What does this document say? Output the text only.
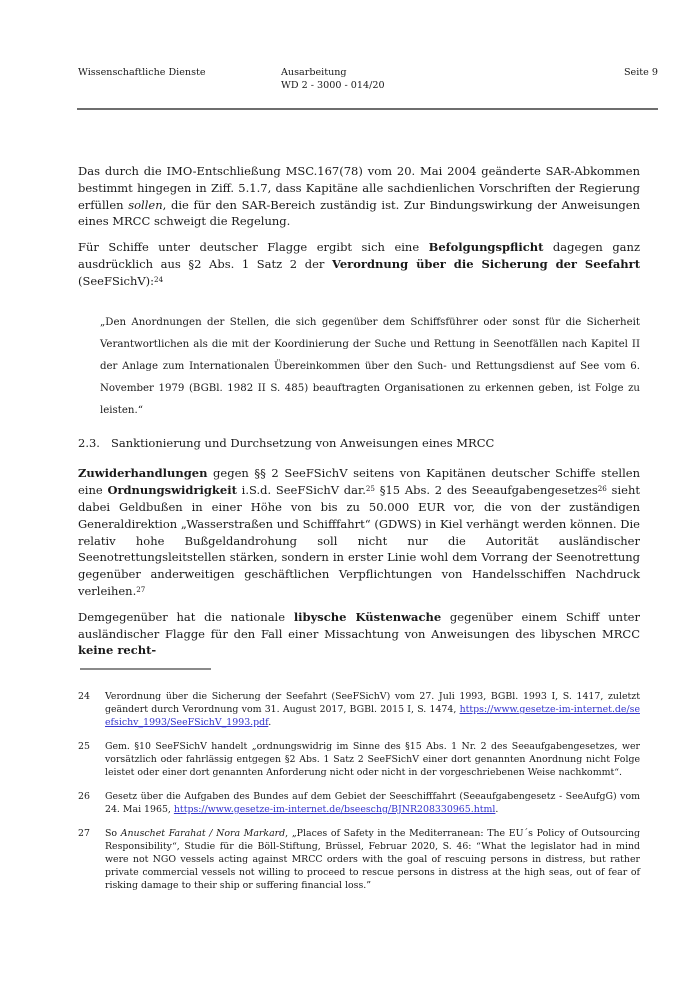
Wissenschaftliche Dienste	Ausarbeitung
WD 2 - 3000 - 014/20
Seite 9

Das durch die IMO-Entschließung MSC.167(78) vom 20. Mai 2004 geänderte SAR-Abkommen bestimmt hingegen in Ziff. 5.1.7, dass Kapitäne alle sachdienlichen Vorschriften der Regierung erfüllen sollen, die für den SAR-Bereich zuständig ist. Zur Bindungswirkung der Anweisungen eines MRCC schweigt die Regelung.

Für Schiffe unter deutscher Flagge ergibt sich eine Befolgungspflicht dagegen ganz ausdrücklich aus §2 Abs. 1 Satz 2 der Verordnung über die Sicherung der Seefahrt (SeeFSichV):$^{24}$

„Den Anordnungen der Stellen, die sich gegenüber dem Schiffsführer oder sonst für die Sicherheit Verantwortlichen als die mit der Koordinierung der Suche und Rettung in Seenotfällen nach Kapitel II der Anlage zum Internationalen Übereinkommen über den Such- und Rettungsdienst auf See vom 6. November 1979 (BGBl. 1982 II S. 485) beauftragten Organisationen zu erkennen geben, ist Folge zu leisten.“
2.3. Sanktionierung und Durchsetzung von Anweisungen eines MRCC

Zuwiderhandlungen gegen §§ 2 SeeFSichV seitens von Kapitänen deutscher Schiffe stellen eine Ordnungswidrigkeit i.S.d. SeeFSichV dar.$^{25}$ §15 Abs. 2 des Seeaufgabengesetzes$^{26}$ sieht dabei Geldbußen in einer Höhe von bis zu 50.000 EUR vor, die von der zuständigen Generaldirektion „Wasserstraßen und Schifffahrt“ (GDWS) in Kiel verhängt werden können. Die relativ hohe Bußgeldandrohung soll nicht nur die Autorität ausländischer Seenotrettungsleitstellen stärken, sondern in erster Linie wohl dem Vorrang der Seenotrettung gegenüber anderweitigen geschäftlichen Verpflichtungen von Handelsschiffen Nachdruck verleihen.$^{27}$

Demgegenüber hat die nationale libysche Küstenwache gegenüber einem Schiff unter ausländischer Flagge für den Fall einer Missachtung von Anweisungen des libyschen MRCC keine recht-

24	Verordnung über die Sicherung der Seefahrt (SeeFSichV) vom 27. Juli 1993, BGBl. 1993 I, S. 1417, zuletzt geändert durch Verordnung vom 31. August 2017, BGBl. 2015 I, S. 1474, https://www.gesetze-im-internet.de/seefsichv_1993/SeeFSichV_1993.pdf.
25	Gem. §10 SeeFSichV handelt „ordnungswidrig im Sinne des §15 Abs. 1 Nr. 2 des Seeaufgabengesetzes, wer vorsätzlich oder fahrlässig entgegen §2 Abs. 1 Satz 2 SeeFSichV einer dort genannten Anordnung nicht Folge leistet oder einer dort genannten Anforderung nicht oder nicht in der vorgeschriebenen Weise nachkommt“.
26	Gesetz über die Aufgaben des Bundes auf dem Gebiet der Seeschifffahrt (Seeaufgabengesetz - SeeAufgG) vom 24. Mai 1965, https://www.gesetze-im-internet.de/bseeschg/BJNR208330965.html.
27	So Anuschet Farahat / Nora Markard, „Places of Safety in the Mediterranean: The EU´s Policy of Outsourcing Responsibility“, Studie für die Böll-Stiftung, Brüssel, Februar 2020, S. 46: “What the legislator had in mind were not NGO vessels acting against MRCC orders with the goal of rescuing persons in distress, but rather private commercial vessels not willing to proceed to rescue persons in distress at the high seas, out of fear of risking damage to their ship or suffering financial loss.”
